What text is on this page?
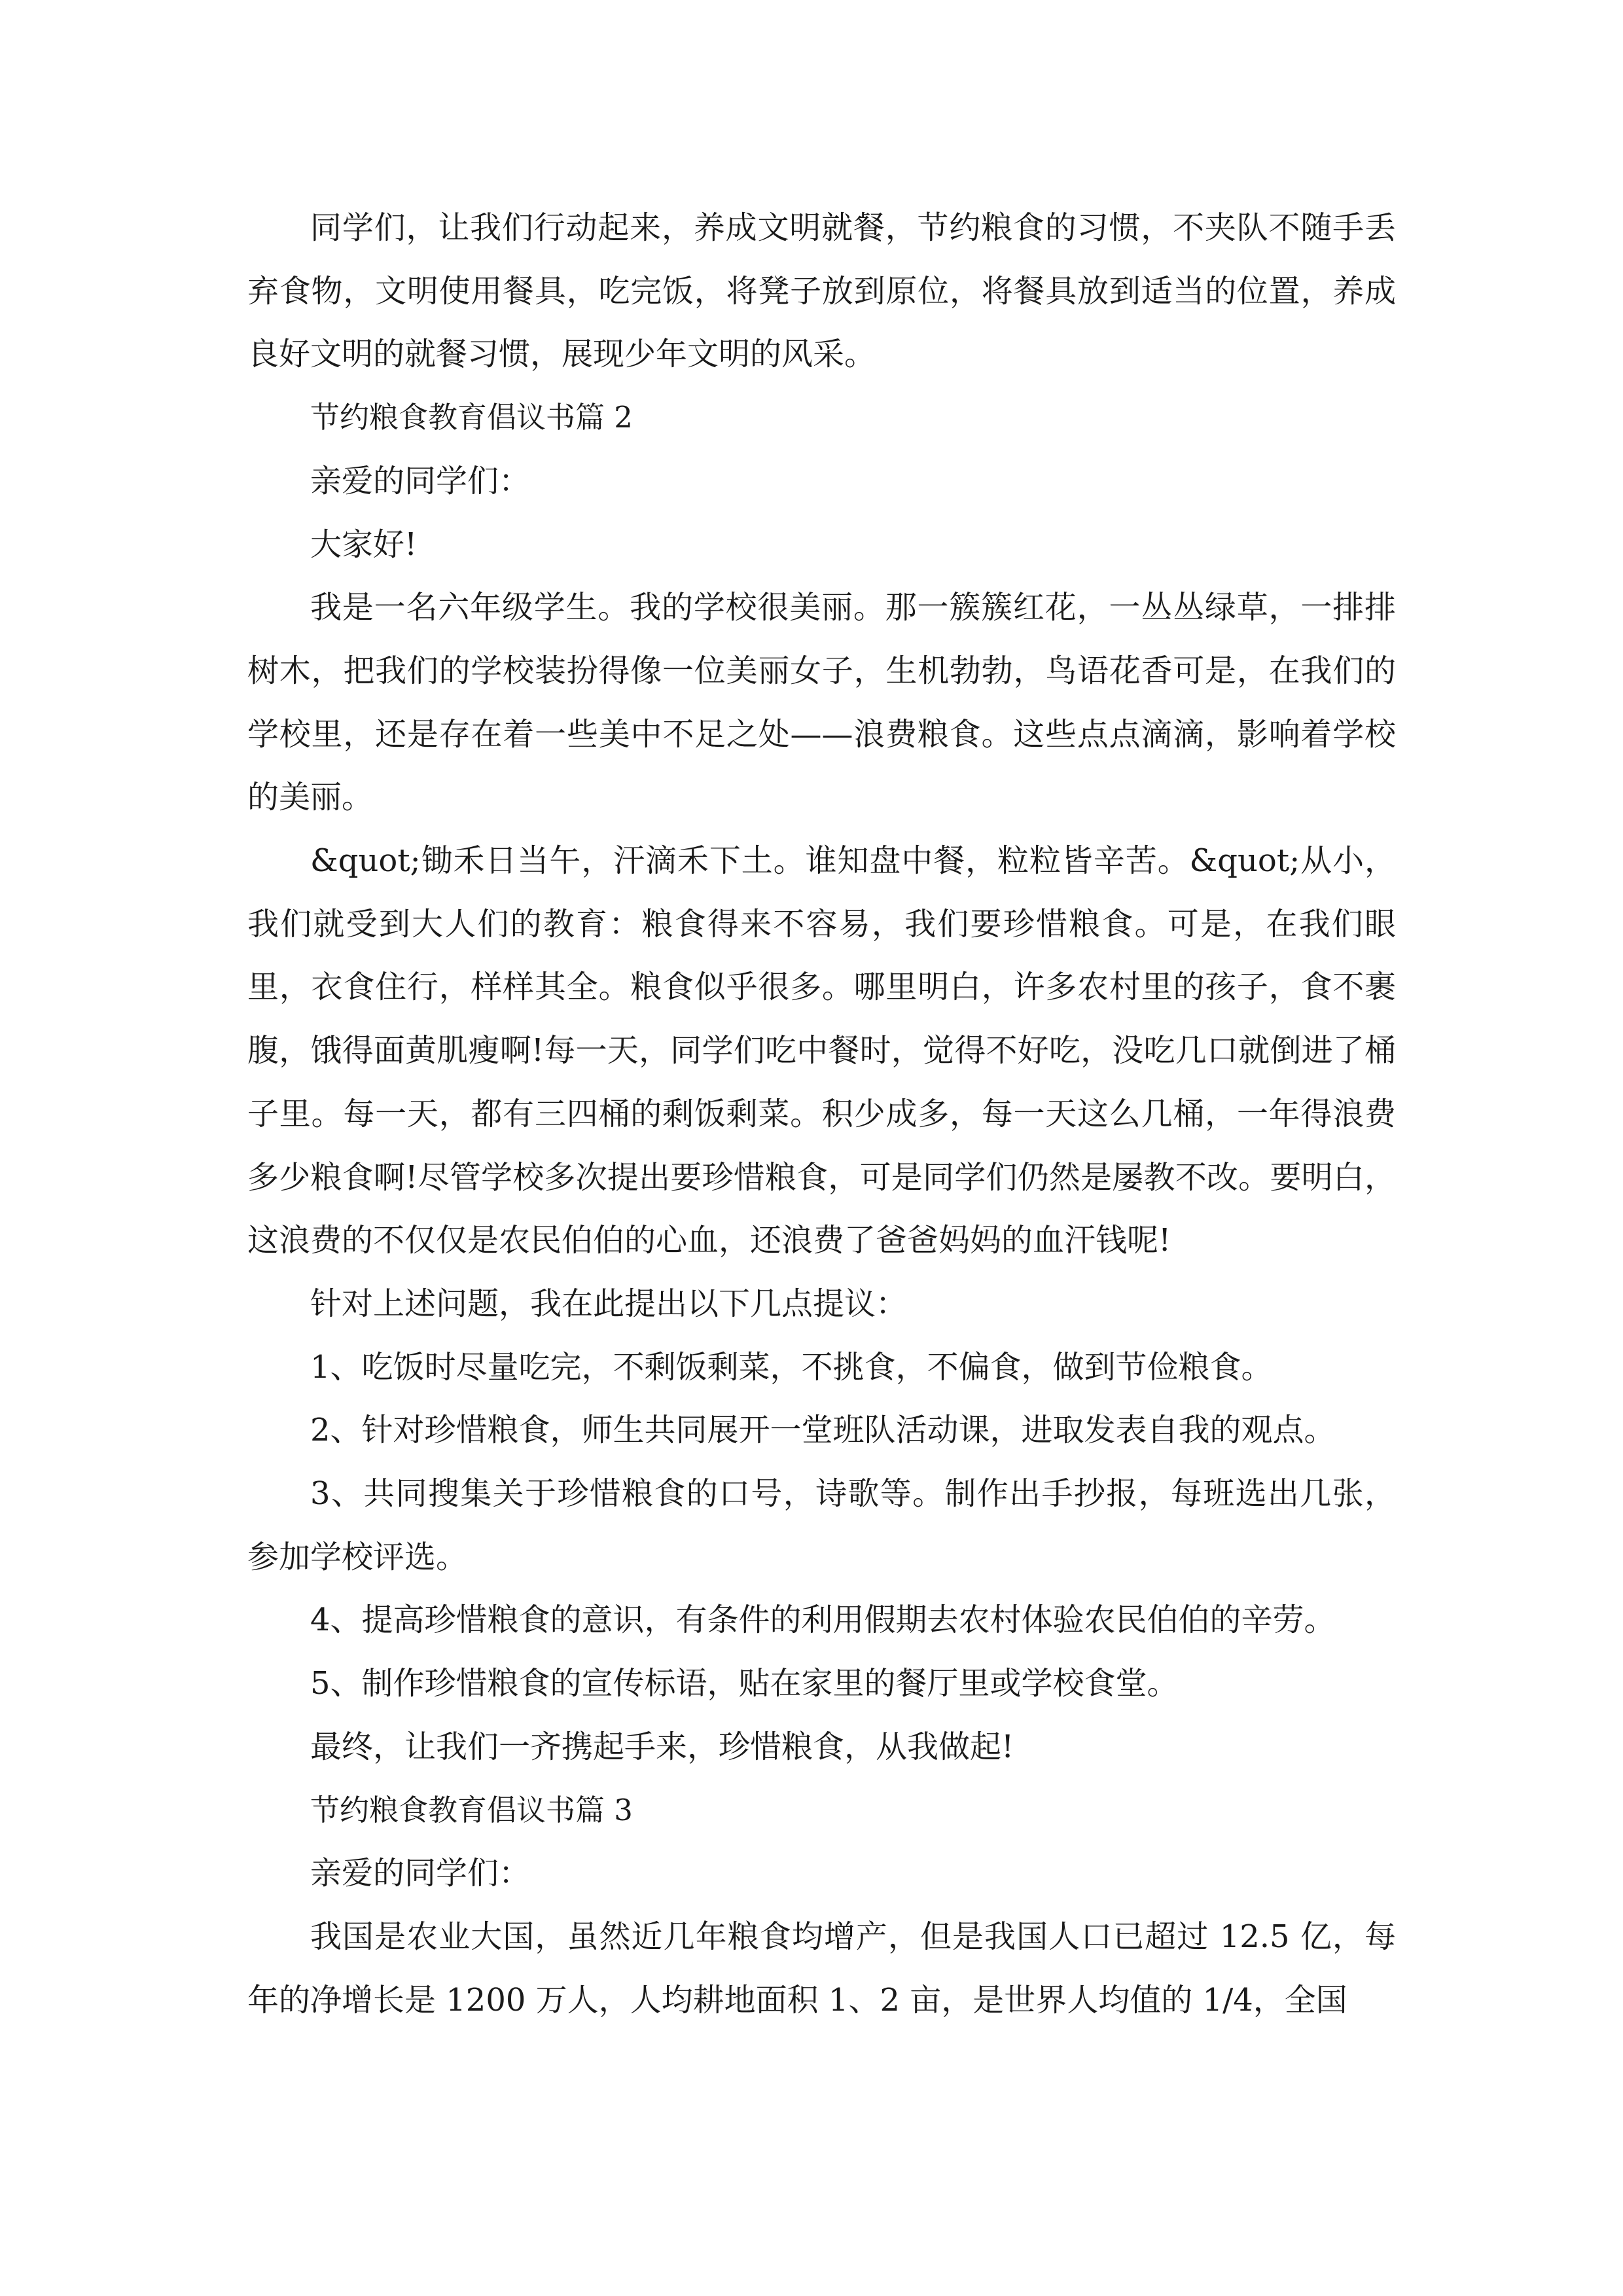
同学们，让我们行动起来，养成文明就餐，节约粮食的习惯，不夹队不随手丢弃食物，文明使用餐具，吃完饭，将凳子放到原位，将餐具放到适当的位置，养成良好文明的就餐习惯，展现少年文明的风采。

节约粮食教育倡议书篇 2

亲爱的同学们：

大家好!

我是一名六年级学生。我的学校很美丽。那一簇簇红花，一丛丛绿草，一排排树木，把我们的学校装扮得像一位美丽女子，生机勃勃，鸟语花香可是，在我们的学校里，还是存在着一些美中不足之处——浪费粮食。这些点点滴滴，影响着学校的美丽。

&quot;锄禾日当午，汗滴禾下土。谁知盘中餐，粒粒皆辛苦。&quot;从小，我们就受到大人们的教育：粮食得来不容易，我们要珍惜粮食。可是，在我们眼里，衣食住行，样样其全。粮食似乎很多。哪里明白，许多农村里的孩子，食不裹腹，饿得面黄肌瘦啊!每一天，同学们吃中餐时，觉得不好吃，没吃几口就倒进了桶子里。每一天，都有三四桶的剩饭剩菜。积少成多，每一天这么几桶，一年得浪费多少粮食啊!尽管学校多次提出要珍惜粮食，可是同学们仍然是屡教不改。要明白，这浪费的不仅仅是农民伯伯的心血，还浪费了爸爸妈妈的血汗钱呢!

针对上述问题，我在此提出以下几点提议：

1、吃饭时尽量吃完，不剩饭剩菜，不挑食，不偏食，做到节俭粮食。

2、针对珍惜粮食，师生共同展开一堂班队活动课，进取发表自我的观点。

3、共同搜集关于珍惜粮食的口号，诗歌等。制作出手抄报，每班选出几张，参加学校评选。

4、提高珍惜粮食的意识，有条件的利用假期去农村体验农民伯伯的辛劳。

5、制作珍惜粮食的宣传标语，贴在家里的餐厅里或学校食堂。

最终，让我们一齐携起手来，珍惜粮食，从我做起!

节约粮食教育倡议书篇 3

亲爱的同学们：

我国是农业大国，虽然近几年粮食均增产，但是我国人口已超过 12.5 亿，每年的净增长是 1200 万人，人均耕地面积 1、2 亩，是世界人均值的 1/4，全国
